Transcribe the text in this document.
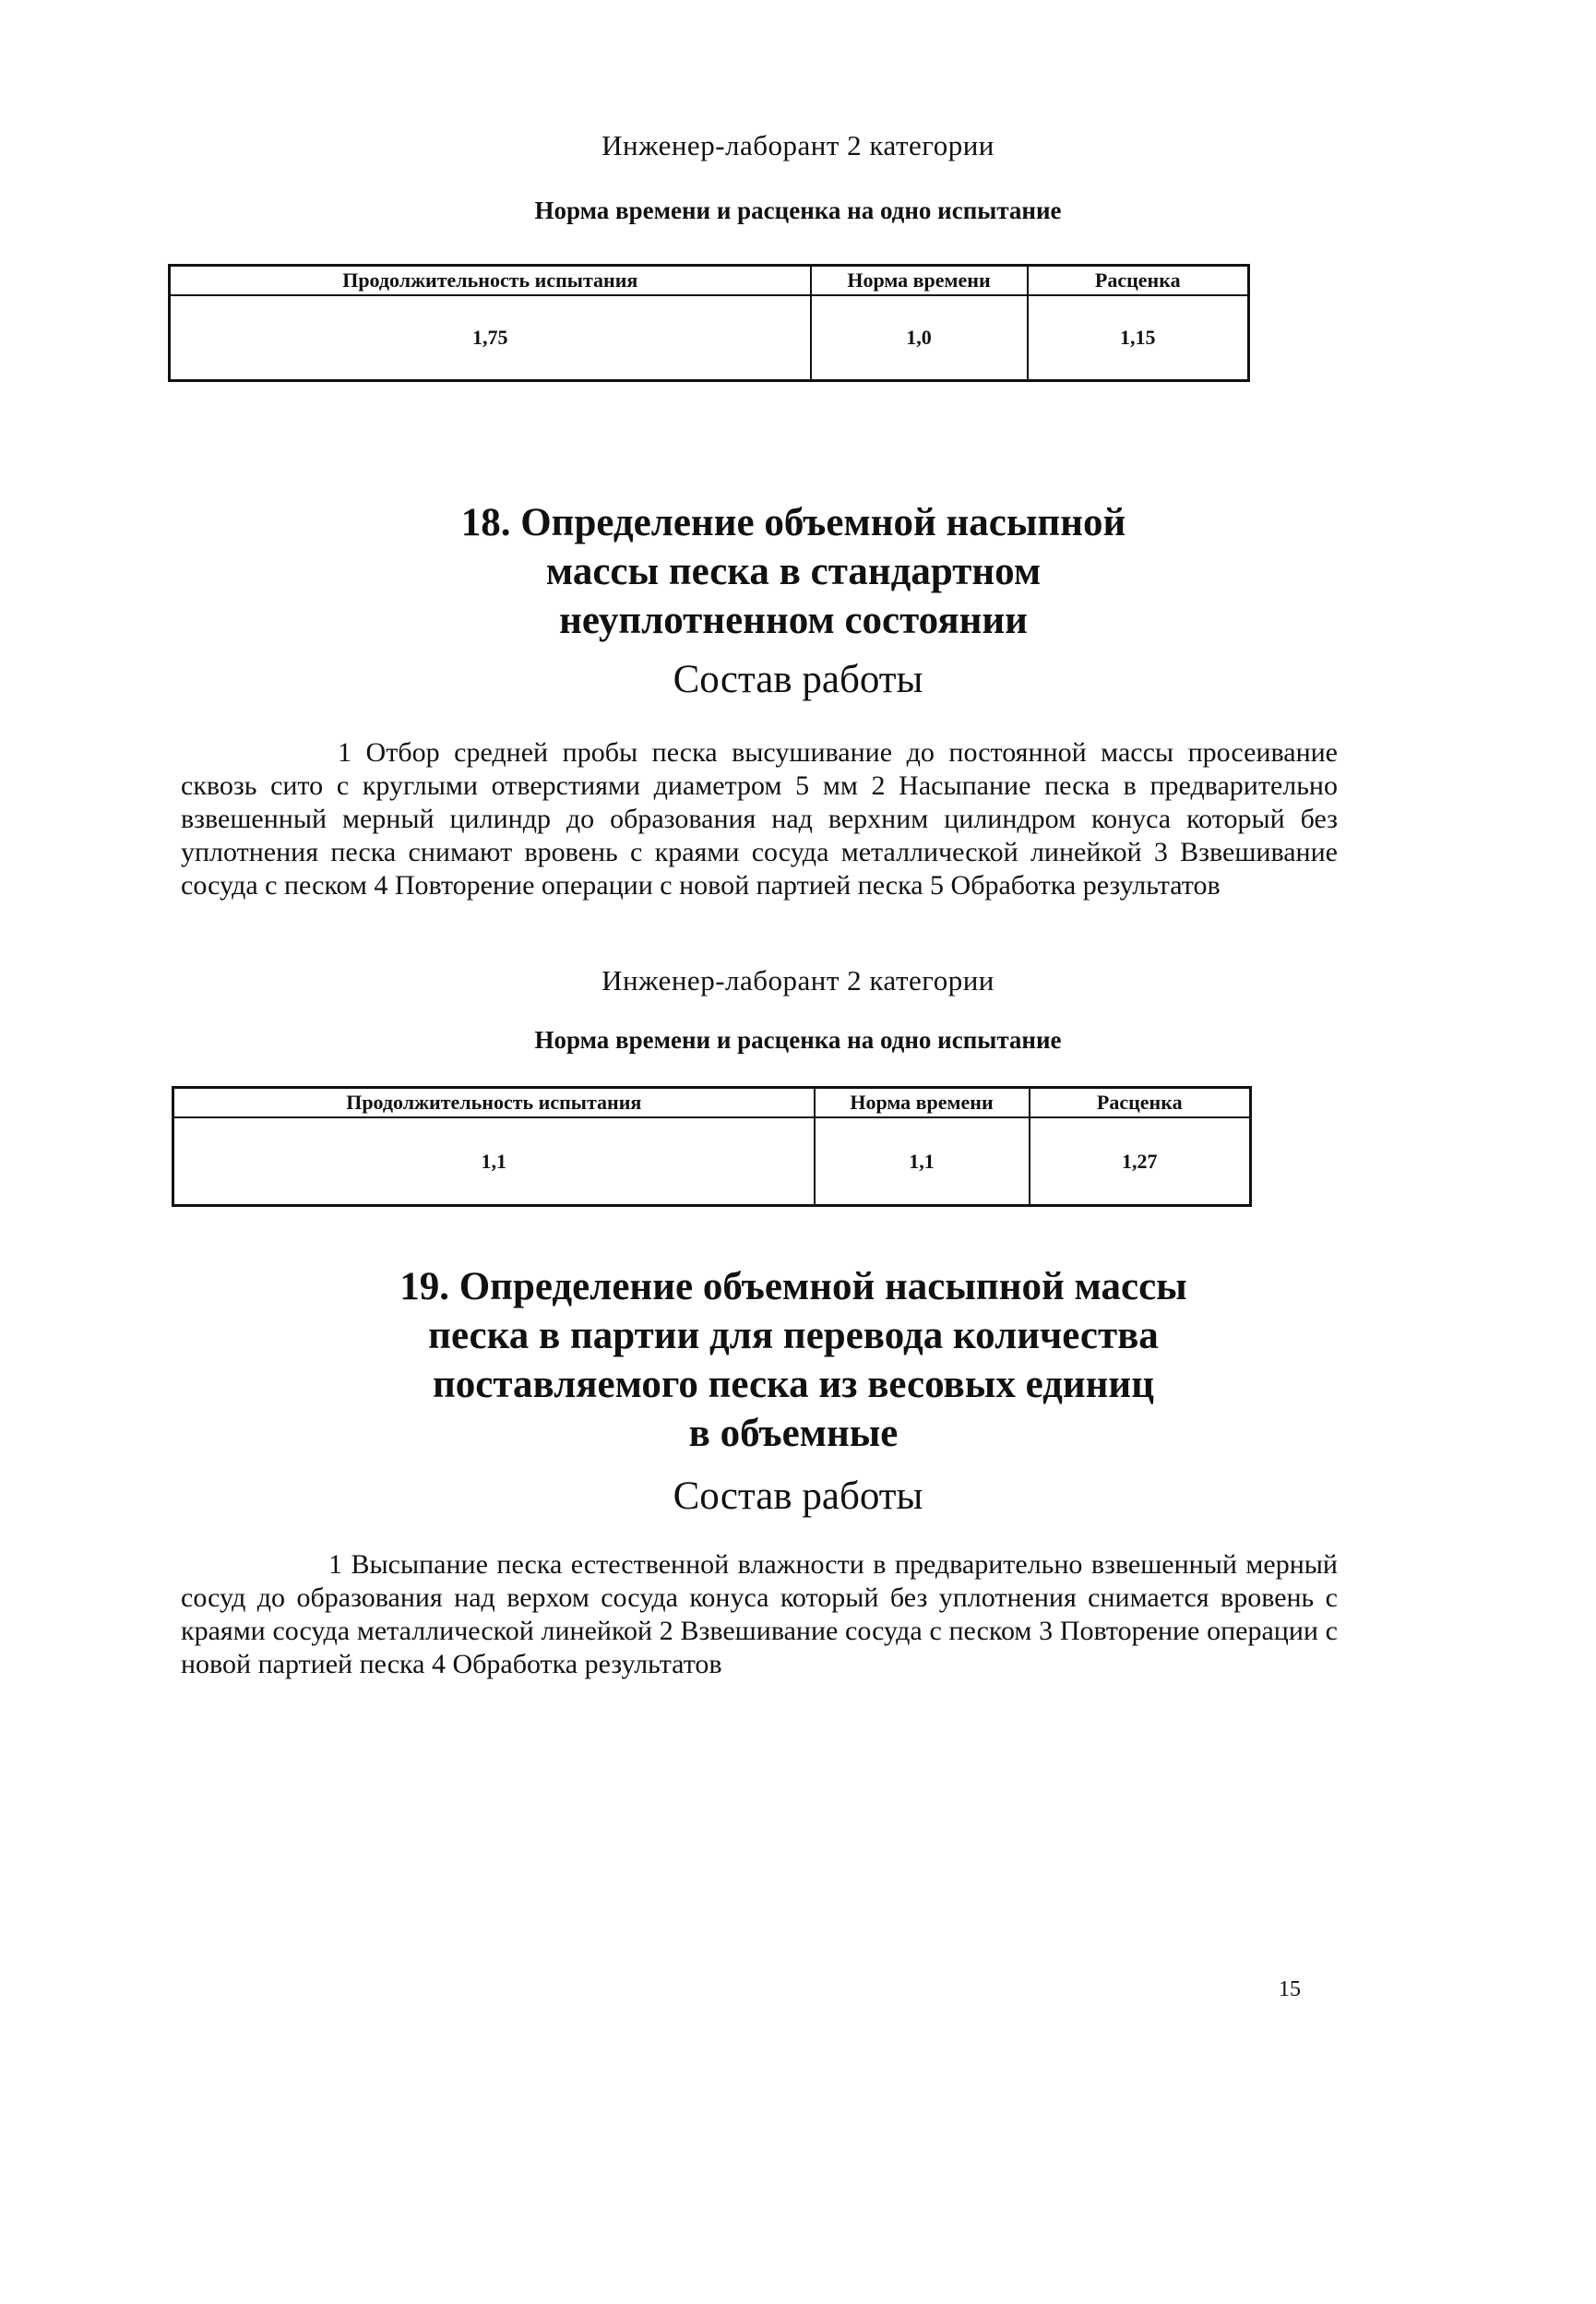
Инженер-лаборант 2 категории
Норма времени и расценка на одно испытание
Продолжительность испытания	Норма времени	Расценка
1,75	1,0	1,15
18. Определение объемной насыпной
массы песка в стандартном
неуплотненном состоянии
Состав работы
1 Отбор средней пробы песка высушивание до постоянной массы просеивание сквозь сито с круглыми отверстиями диаметром 5 мм 2 Насыпание песка в предварительно взвешенный мерный цилиндр до образования над верхним цилиндром конуса который без уплотнения песка снимают вровень с краями сосуда металлической линейкой 3 Взвешивание сосуда с песком 4 Повторение операции с новой партией песка 5 Обработка результатов
Инженер-лаборант 2 категории
Норма времени и расценка на одно испытание
Продолжительность испытания	Норма времени	Расценка
1,1	1,1	1,27
19. Определение объемной насыпной массы
песка в партии для перевода количества
поставляемого песка из весовых единиц
в объемные
Состав работы
1 Высыпание песка естественной влажности в предварительно взвешенный мерный сосуд до образования над верхом сосуда конуса который без уплотнения снимается вровень с краями сосуда металлической линейкой 2 Взвешивание сосуда с песком 3 Повторение операции с новой партией песка 4 Обработка результатов
15
